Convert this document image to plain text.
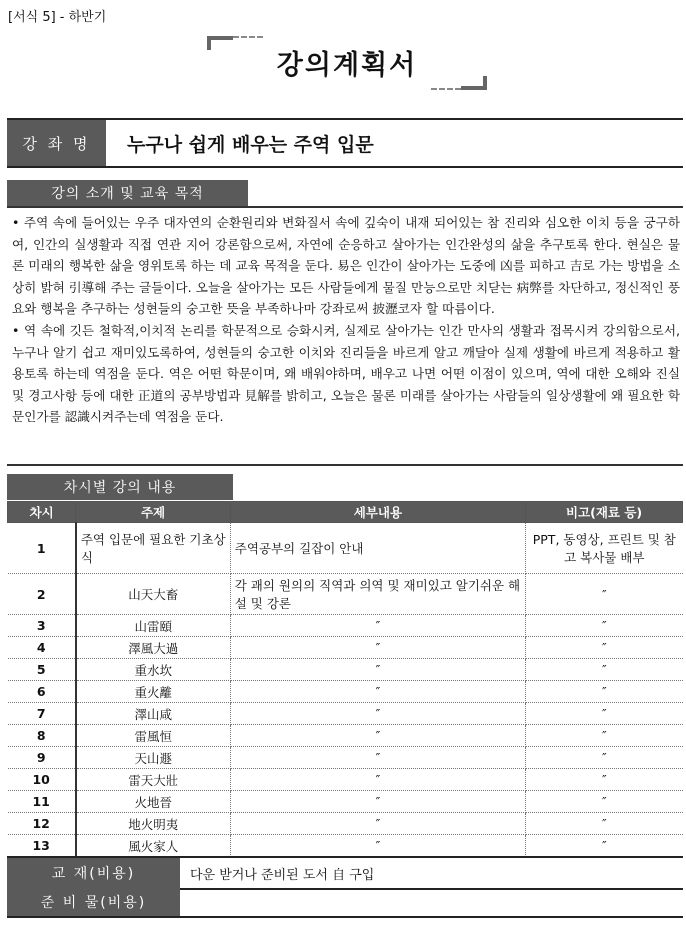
[서식 5] - 하반기
강의계획서
강 좌 명	누구나 쉽게 배우는 주역 입문
강의 소개 및 교육 목적

• 주역 속에 들어있는 우주 대자연의 순환원리와 변화질서 속에 깊숙이 내재 되어있는 참 진리와 심오한 이치 등을 궁구하여, 인간의 실생활과 직접 연관 지어 강론함으로써, 자연에 순응하고 살아가는 인간완성의 삶을 추구토록 한다. 현실은 물론 미래의 행복한 삶을 영위토록 하는 데 교육 목적을 둔다. 易은 인간이 살아가는 도중에 凶를 피하고 吉로 가는 방법을 소상히 밝혀 引導해 주는 글들이다. 오늘을 살아가는 모든 사람들에게 물질 만능으로만 치닫는 病弊를 차단하고, 정신적인 풍요와 행복을 추구하는 성현들의 숭고한 뜻을 부족하나마 강좌로써 披瀝코자 할 따름이다.

• 역 속에 깃든 철학적,이치적 논리를 학문적으로 승화시켜, 실제로 살아가는 인간 만사의 생활과 접목시켜 강의함으로서, 누구나 알기 쉽고 재미있도록하여, 성현들의 숭고한 이치와 진리들을 바르게 알고 깨달아 실제 생활에 바르게 적용하고 활용토록 하는데 역점을 둔다. 역은 어떤 학문이며, 왜 배워야하며, 배우고 나면 어떤 이점이 있으며, 역에 대한 오해와 진실 및 경고사항 등에 대한 正道의 공부방법과 見解를 밝히고, 오늘은 물론 미래를 살아가는 사람들의 일상생활에 왜 필요한 학문인가를 認識시켜주는데 역점을 둔다.

차시별 강의 내용
차시	주제	세부내용	비고(재료 등)
1	주역 입문에 필요한 기초상식	주역공부의 길잡이 안내	PPT, 동영상, 프린트 및 참고 복사물 배부
2	山天大畜	각 괘의 원의의 직역과 의역 및 재미있고 알기쉬운 해설 및 강론	″
3	山雷頤	″	″
4	澤風大過	″	″
5	重水坎	″	″
6	重火離	″	″
7	澤山咸	″	″
8	雷風恒	″	″
9	天山遯	″	″
10	雷天大壯	″	″
11	火地晉	″	″
12	地火明夷	″	″
13	風火家人	″	″
교 재(비용)	다운 받거나 준비된 도서 自 구입
준 비 물(비용)
